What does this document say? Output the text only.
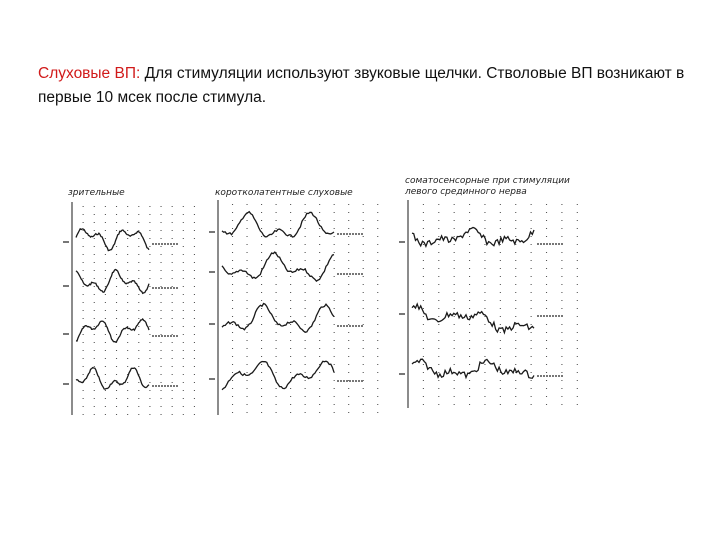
Слуховые ВП: Для стимуляции используют звуковые щелчки. Стволовые ВП возникают в первые 10 мсек после стимула.
зрительные	коротколатентные слуховые
соматосенсорные при стимуляции
левого срединного нерва
